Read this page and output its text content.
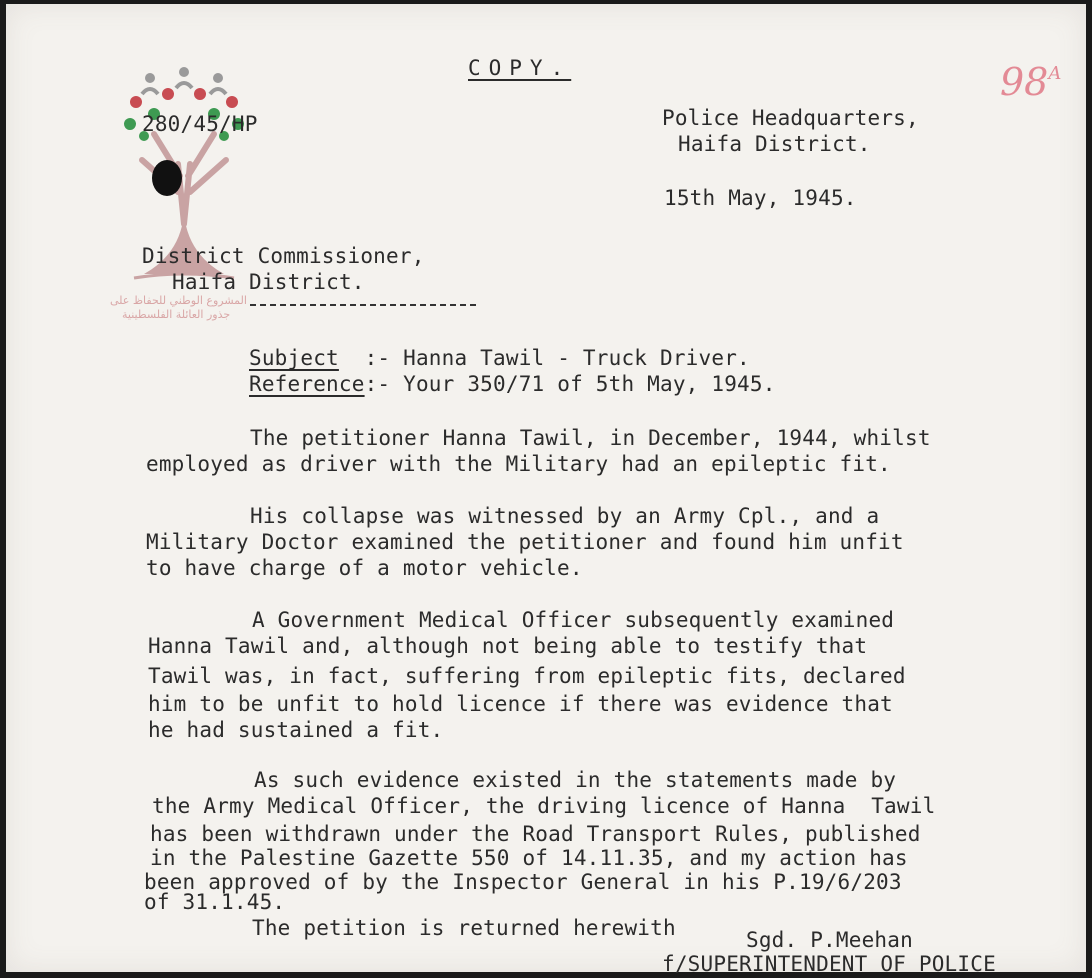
المشروع الوطني للحفاظ على
جذور العائلة الفلسطينية
COPY.
280/45/HP
$98^A$
Police Headquarters,
Haifa District.
15th May, 1945.
District Commissioner,
Haifa District.
Subject  :- Hanna Tawil - Truck Driver.
Reference:- Your 350/71 of 5th May, 1945.
The petitioner Hanna Tawil, in December, 1944, whilst
employed as driver with the Military had an epileptic fit.
His collapse was witnessed by an Army Cpl., and a
Military Doctor examined the petitioner and found him unfit
to have charge of a motor vehicle.
A Government Medical Officer subsequently examined
Hanna Tawil and, although not being able to testify that
Tawil was, in fact, suffering from epileptic fits, declared
him to be unfit to hold licence if there was evidence that
he had sustained a fit.
As such evidence existed in the statements made by
the Army Medical Officer, the driving licence of Hanna  Tawil
has been withdrawn under the Road Transport Rules, published
in the Palestine Gazette 550 of 14.11.35, and my action has
been approved of by the Inspector General in his P.19/6/203
of 31.1.45.
The petition is returned herewith	Sgd. P.Meehan
f/SUPERINTENDENT OF POLICE
